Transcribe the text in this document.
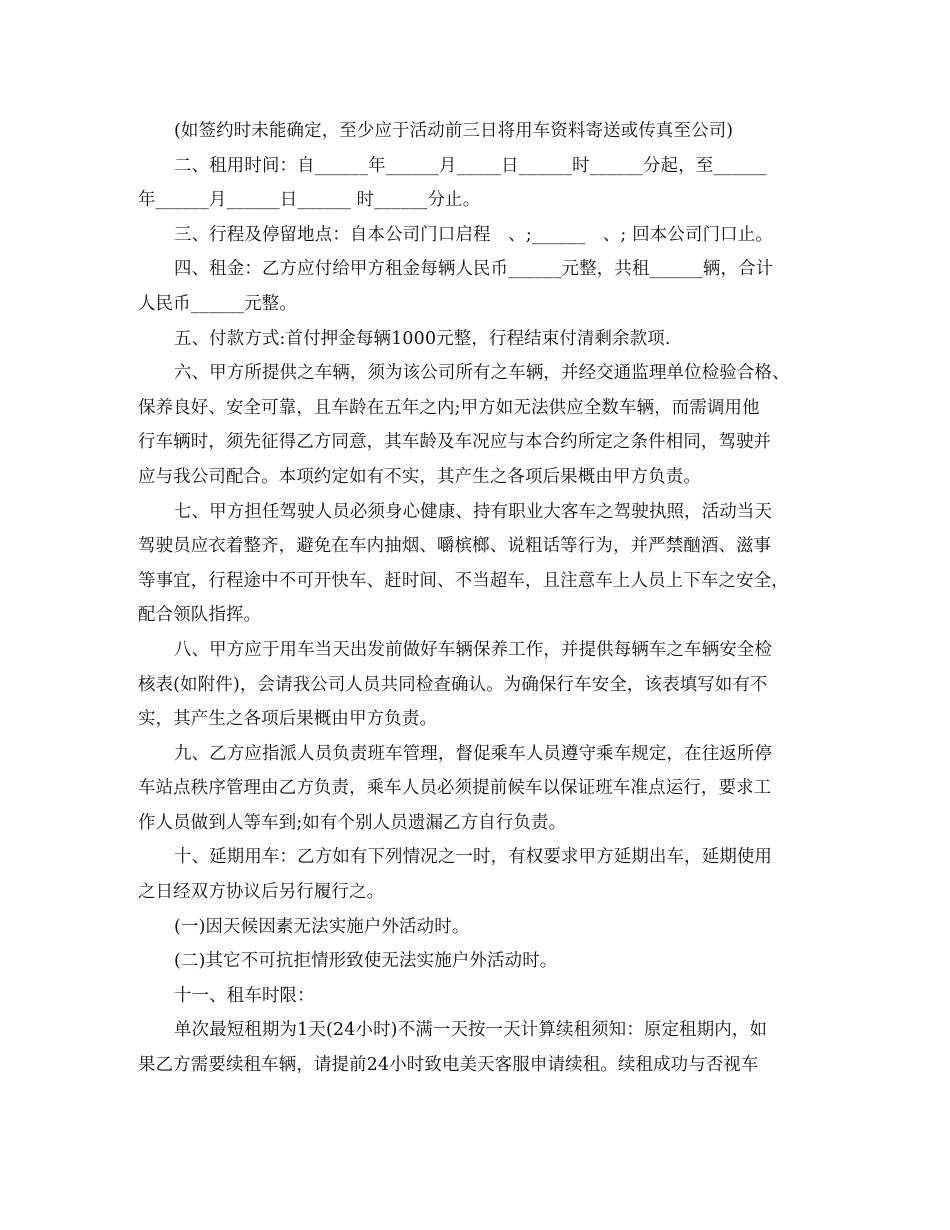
(如签约时未能确定，至少应于活动前三日将用车资料寄送或传真至公司)
二、租用时间：自______年______月_____日______时______分起，至______
年______月______日______ 时______分止。
三、行程及停留地点：自本公司门口启程　、;______　、; 回本公司门口止。
四、租金：乙方应付给甲方租金每辆人民币______元整，共租______辆，合计
人民币______元整。
五、付款方式:首付押金每辆1000元整，行程结束付清剩余款项.
六、甲方所提供之车辆，须为该公司所有之车辆，并经交通监理单位检验合格、
保养良好、安全可靠，且车龄在五年之内;甲方如无法供应全数车辆，而需调用他
行车辆时，须先征得乙方同意，其车龄及车况应与本合约所定之条件相同，驾驶并
应与我公司配合。本项约定如有不实，其产生之各项后果概由甲方负责。
七、甲方担任驾驶人员必须身心健康、持有职业大客车之驾驶执照，活动当天
驾驶员应衣着整齐，避免在车内抽烟、嚼槟榔、说粗话等行为，并严禁酗酒、滋事
等事宜，行程途中不可开快车、赶时间、不当超车，且注意车上人员上下车之安全，
配合领队指挥。
八、甲方应于用车当天出发前做好车辆保养工作，并提供每辆车之车辆安全检
核表(如附件)，会请我公司人员共同检查确认。为确保行车安全，该表填写如有不
实，其产生之各项后果概由甲方负责。
九、乙方应指派人员负责班车管理，督促乘车人员遵守乘车规定，在往返所停
车站点秩序管理由乙方负责，乘车人员必须提前候车以保证班车准点运行，要求工
作人员做到人等车到;如有个别人员遗漏乙方自行负责。
十、延期用车：乙方如有下列情况之一时，有权要求甲方延期出车，延期使用
之日经双方协议后另行履行之。
(一)因天候因素无法实施户外活动时。
(二)其它不可抗拒情形致使无法实施户外活动时。
十一、租车时限：
单次最短租期为1天(24小时)不满一天按一天计算续租须知：原定租期内，如
果乙方需要续租车辆，请提前24小时致电美天客服申请续租。续租成功与否视车
